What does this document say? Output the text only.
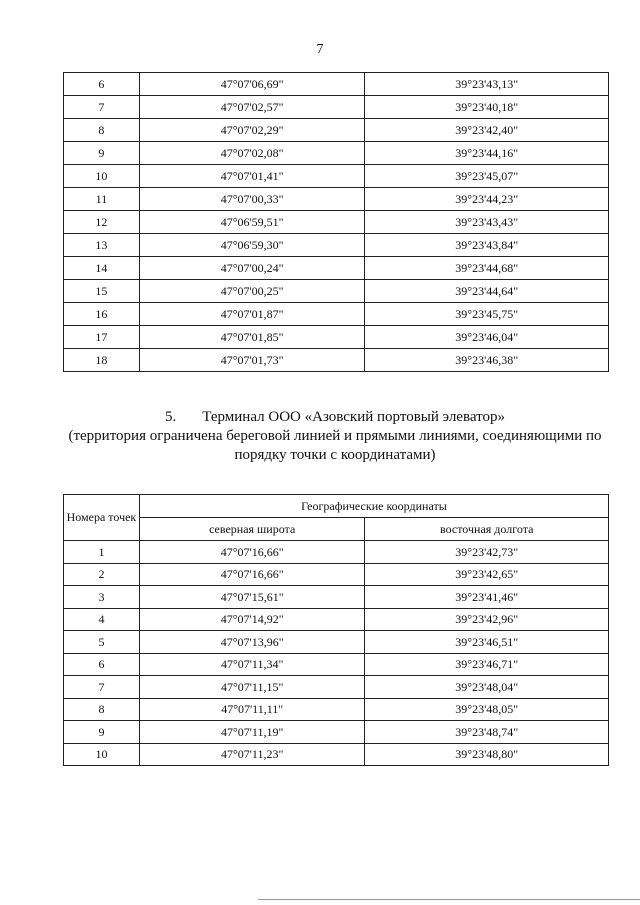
7
6	47°07'06,69"	39°23'43,13"
7	47°07'02,57"	39°23'40,18"
8	47°07'02,29"	39°23'42,40"
9	47°07'02,08"	39°23'44,16"
10	47°07'01,41"	39°23'45,07"
11	47°07'00,33"	39°23'44,23"
12	47°06'59,51"	39°23'43,43"
13	47°06'59,30"	39°23'43,84"
14	47°07'00,24"	39°23'44,68"
15	47°07'00,25"	39°23'44,64"
16	47°07'01,87"	39°23'45,75"
17	47°07'01,85"	39°23'46,04"
18	47°07'01,73"	39°23'46,38"
5. Терминал ООО «Азовский портовый элеватор»
(территория ограничена береговой линией и прямыми линиями, соединяющими по порядку точки с координатами)
Номера точек	Географические координаты	
	северная широта	восточная долгота
1	47°07'16,66"	39°23'42,73"
2	47°07'16,66"	39°23'42,65"
3	47°07'15,61"	39°23'41,46"
4	47°07'14,92"	39°23'42,96"
5	47°07'13,96"	39°23'46,51"
6	47°07'11,34"	39°23'46,71"
7	47°07'11,15"	39°23'48,04"
8	47°07'11,11"	39°23'48,05"
9	47°07'11,19"	39°23'48,74"
10	47°07'11,23"	39°23'48,80"
